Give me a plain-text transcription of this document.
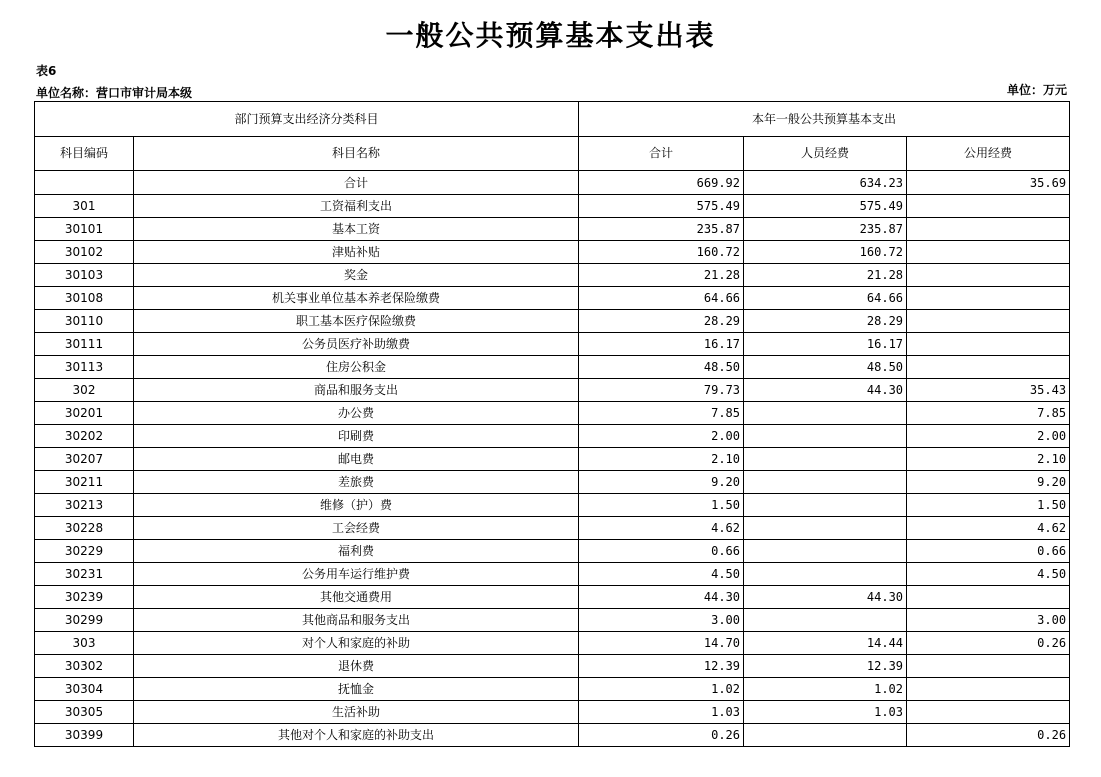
一般公共预算基本支出表
表6
单位名称：营口市审计局本级	单位：万元
部门预算支出经济分类科目		本年一般公共预算基本支出		
科目编码	科目名称	合计	人员经费	公用经费
	合计	669.92	634.23	35.69
301	工资福利支出	575.49	575.49	
30101	基本工资	235.87	235.87	
30102	津贴补贴	160.72	160.72	
30103	奖金	21.28	21.28	
30108	机关事业单位基本养老保险缴费	64.66	64.66	
30110	职工基本医疗保险缴费	28.29	28.29	
30111	公务员医疗补助缴费	16.17	16.17	
30113	住房公积金	48.50	48.50	
302	商品和服务支出	79.73	44.30	35.43
30201	办公费	7.85		7.85
30202	印刷费	2.00		2.00
30207	邮电费	2.10		2.10
30211	差旅费	9.20		9.20
30213	维修（护）费	1.50		1.50
30228	工会经费	4.62		4.62
30229	福利费	0.66		0.66
30231	公务用车运行维护费	4.50		4.50
30239	其他交通费用	44.30	44.30	
30299	其他商品和服务支出	3.00		3.00
303	对个人和家庭的补助	14.70	14.44	0.26
30302	退休费	12.39	12.39	
30304	抚恤金	1.02	1.02	
30305	生活补助	1.03	1.03	
30399	其他对个人和家庭的补助支出	0.26		0.26
